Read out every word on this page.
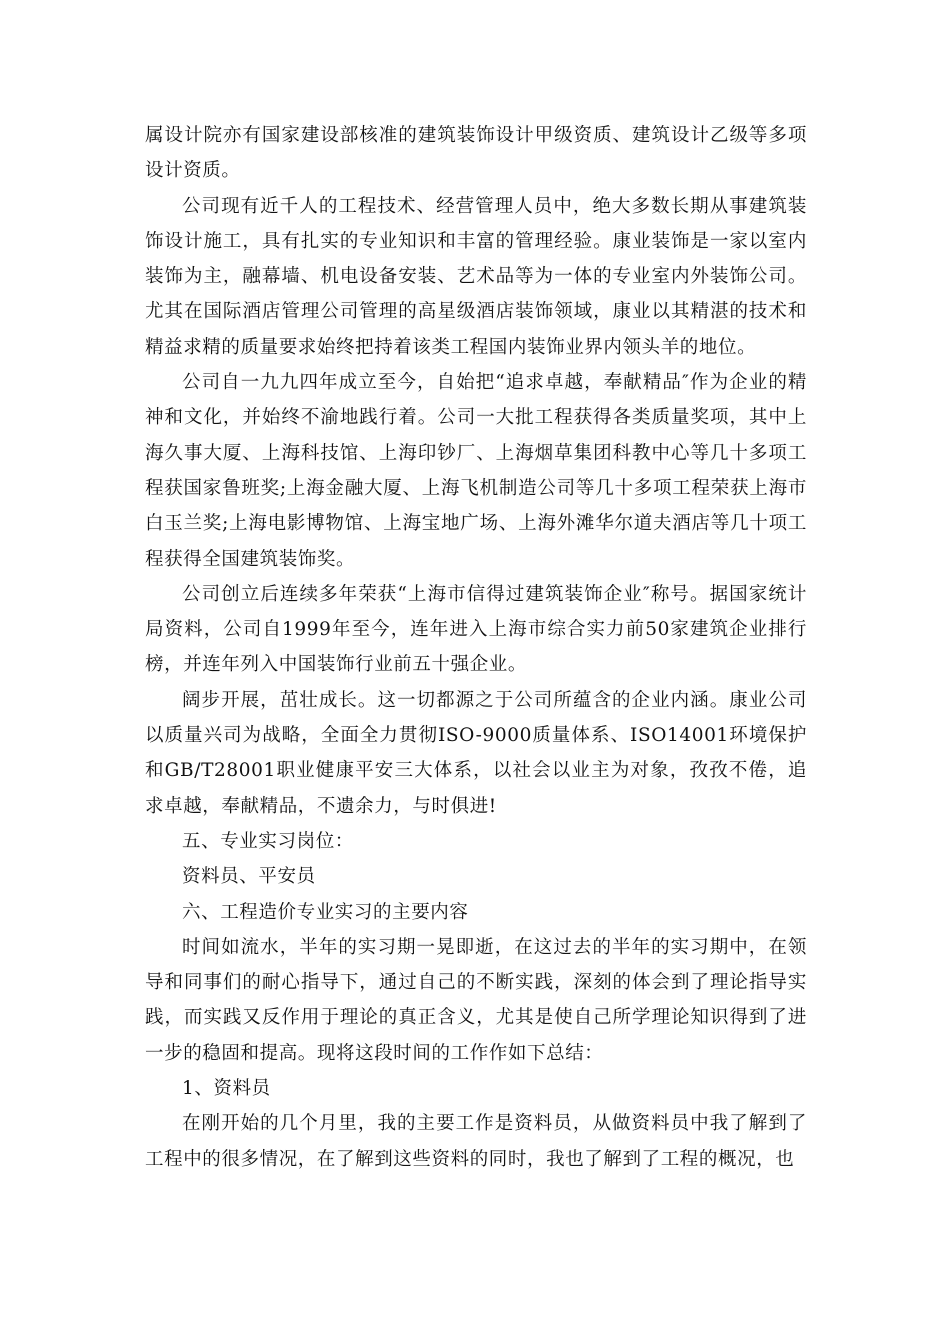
属设计院亦有国家建设部核准的建筑装饰设计甲级资质、建筑设计乙级等多项设计资质。

公司现有近千人的工程技术、经营管理人员中，绝大多数长期从事建筑装饰设计施工，具有扎实的专业知识和丰富的管理经验。康业装饰是一家以室内装饰为主，融幕墙、机电设备安装、艺术品等为一体的专业室内外装饰公司。尤其在国际酒店管理公司管理的高星级酒店装饰领域，康业以其精湛的技术和精益求精的质量要求始终把持着该类工程国内装饰业界内领头羊的地位。

公司自一九九四年成立至今，自始把“追求卓越，奉献精品″作为企业的精神和文化，并始终不渝地践行着。公司一大批工程获得各类质量奖项，其中上海久事大厦、上海科技馆、上海印钞厂、上海烟草集团科教中心等几十多项工程获国家鲁班奖;上海金融大厦、上海飞机制造公司等几十多项工程荣获上海市白玉兰奖;上海电影博物馆、上海宝地广场、上海外滩华尔道夫酒店等几十项工程获得全国建筑装饰奖。

公司创立后连续多年荣获“上海市信得过建筑装饰企业″称号。据国家统计局资料，公司自1999年至今，连年进入上海市综合实力前50家建筑企业排行榜，并连年列入中国装饰行业前五十强企业。

阔步开展，茁壮成长。这一切都源之于公司所蕴含的企业内涵。康业公司以质量兴司为战略，全面全力贯彻ISO-9000质量体系、ISO14001环境保护和GB/T28001职业健康平安三大体系，以社会以业主为对象，孜孜不倦，追求卓越，奉献精品，不遗余力，与时俱进!

五、专业实习岗位：

资料员、平安员

六、工程造价专业实习的主要内容

时间如流水，半年的实习期一晃即逝，在这过去的半年的实习期中，在领导和同事们的耐心指导下，通过自己的不断实践，深刻的体会到了理论指导实践，而实践又反作用于理论的真正含义，尤其是使自己所学理论知识得到了进一步的稳固和提高。现将这段时间的工作作如下总结：

1、资料员

在刚开始的几个月里，我的主要工作是资料员，从做资料员中我了解到了工程中的很多情况，在了解到这些资料的同时，我也了解到了工程的概况，也
